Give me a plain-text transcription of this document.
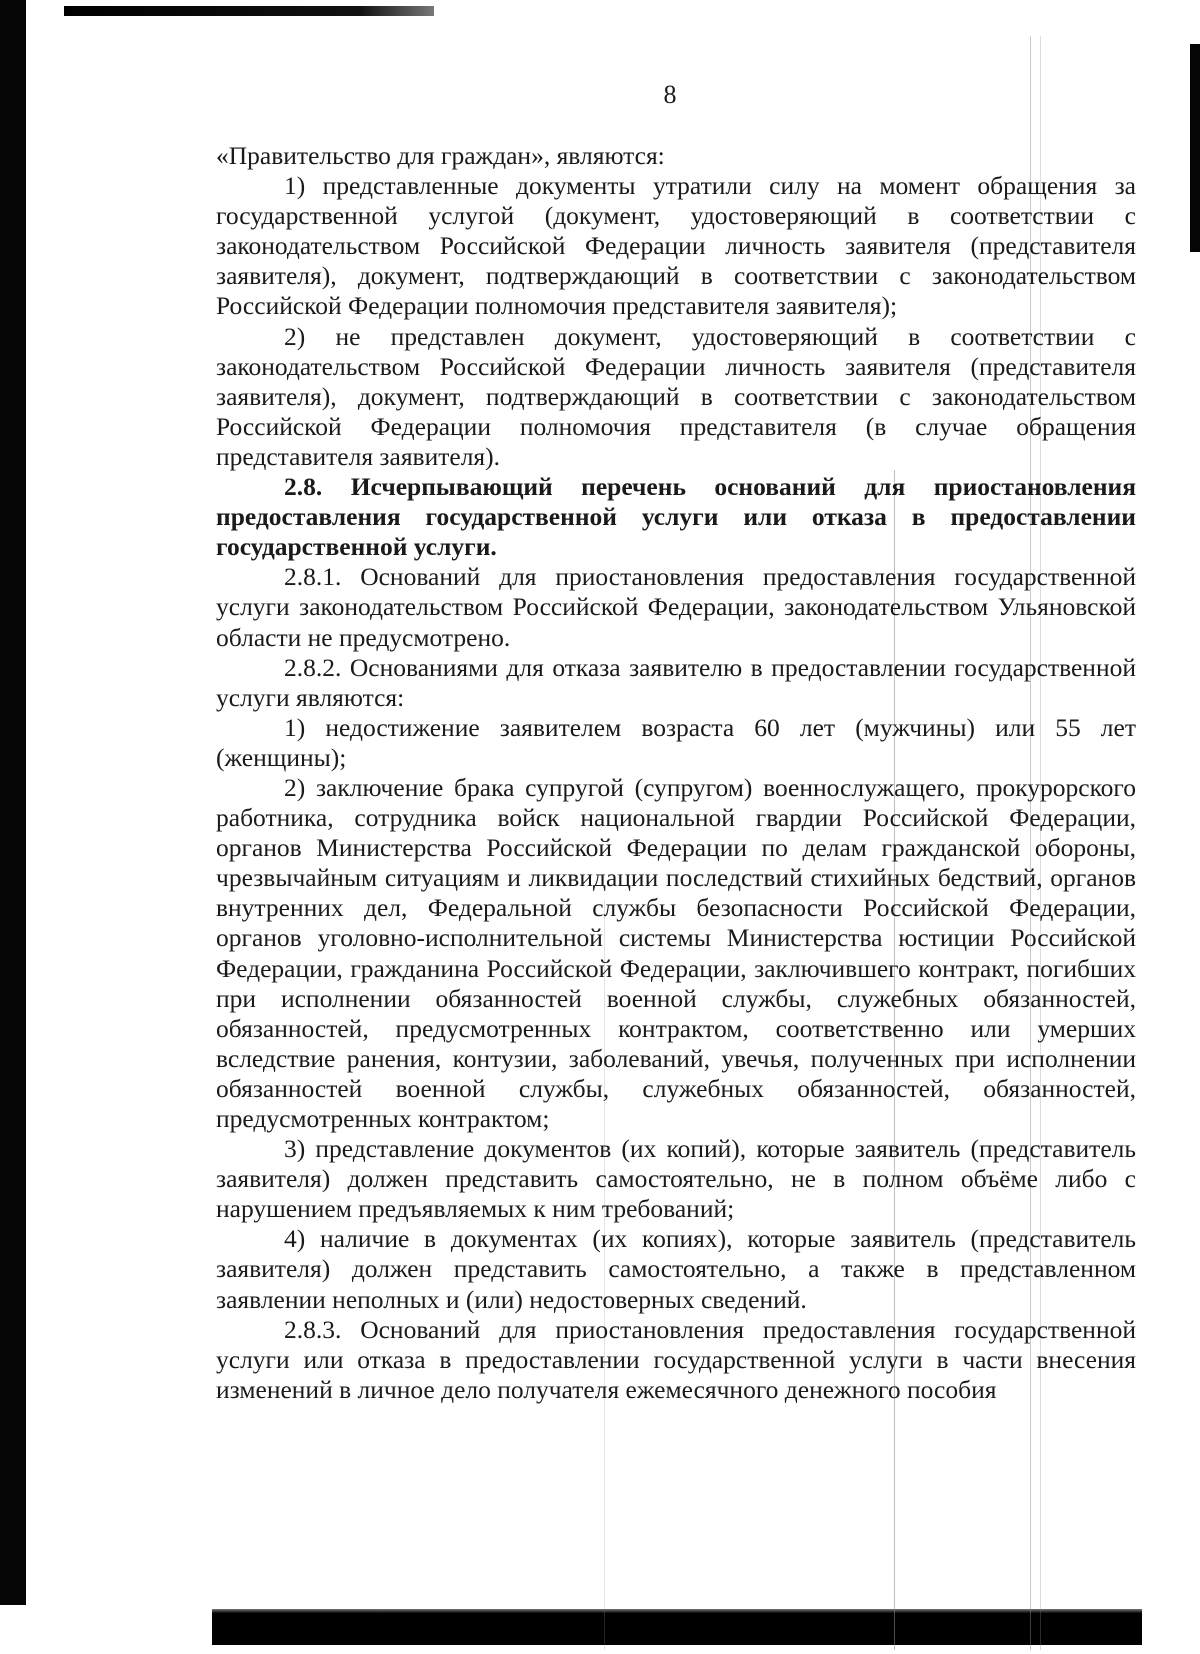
8

«Правительство для граждан», являются:

1) представленные документы утратили силу на момент обращения за государственной услугой (документ, удостоверяющий в соответствии с законодательством Российской Федерации личность заявителя (представителя заявителя), документ, подтверждающий в соответствии с законодательством Российской Федерации полномочия представителя заявителя);

2) не представлен документ, удостоверяющий в соответствии с законодательством Российской Федерации личность заявителя (представителя заявителя), документ, подтверждающий в соответствии с законодательством Российской Федерации полномочия представителя (в случае обращения представителя заявителя).

2.8. Исчерпывающий перечень оснований для приостановления предоставления государственной услуги или отказа в предоставлении государственной услуги.

2.8.1. Оснований для приостановления предоставления государственной услуги законодательством Российской Федерации, законодательством Ульяновской области не предусмотрено.

2.8.2. Основаниями для отказа заявителю в предоставлении государственной услуги являются:

1) недостижение заявителем возраста 60 лет (мужчины) или 55 лет (женщины);

2) заключение брака супругой (супругом) военнослужащего, прокурорского работника, сотрудника войск национальной гвардии Российской Федерации, органов Министерства Российской Федерации по делам гражданской обороны, чрезвычайным ситуациям и ликвидации последствий стихийных бедствий, органов внутренних дел, Федеральной службы безопасности Российской Федерации, органов уголовно-исполнительной системы Министерства юстиции Российской Федерации, гражданина Российской Федерации, заключившего контракт, погибших при исполнении обязанностей военной службы, служебных обязанностей, обязанностей, предусмотренных контрактом, соответственно или умерших вследствие ранения, контузии, заболеваний, увечья, полученных при исполнении обязанностей военной службы, служебных обязанностей, обязанностей, предусмотренных контрактом;

3) представление документов (их копий), которые заявитель (представитель заявителя) должен представить самостоятельно, не в полном объёме либо с нарушением предъявляемых к ним требований;

4) наличие в документах (их копиях), которые заявитель (представитель заявителя) должен представить самостоятельно, а также в представленном заявлении неполных и (или) недостоверных сведений.

2.8.3. Оснований для приостановления предоставления государственной услуги или отказа в предоставлении государственной услуги в части внесения изменений в личное дело получателя ежемесячного денежного пособия
